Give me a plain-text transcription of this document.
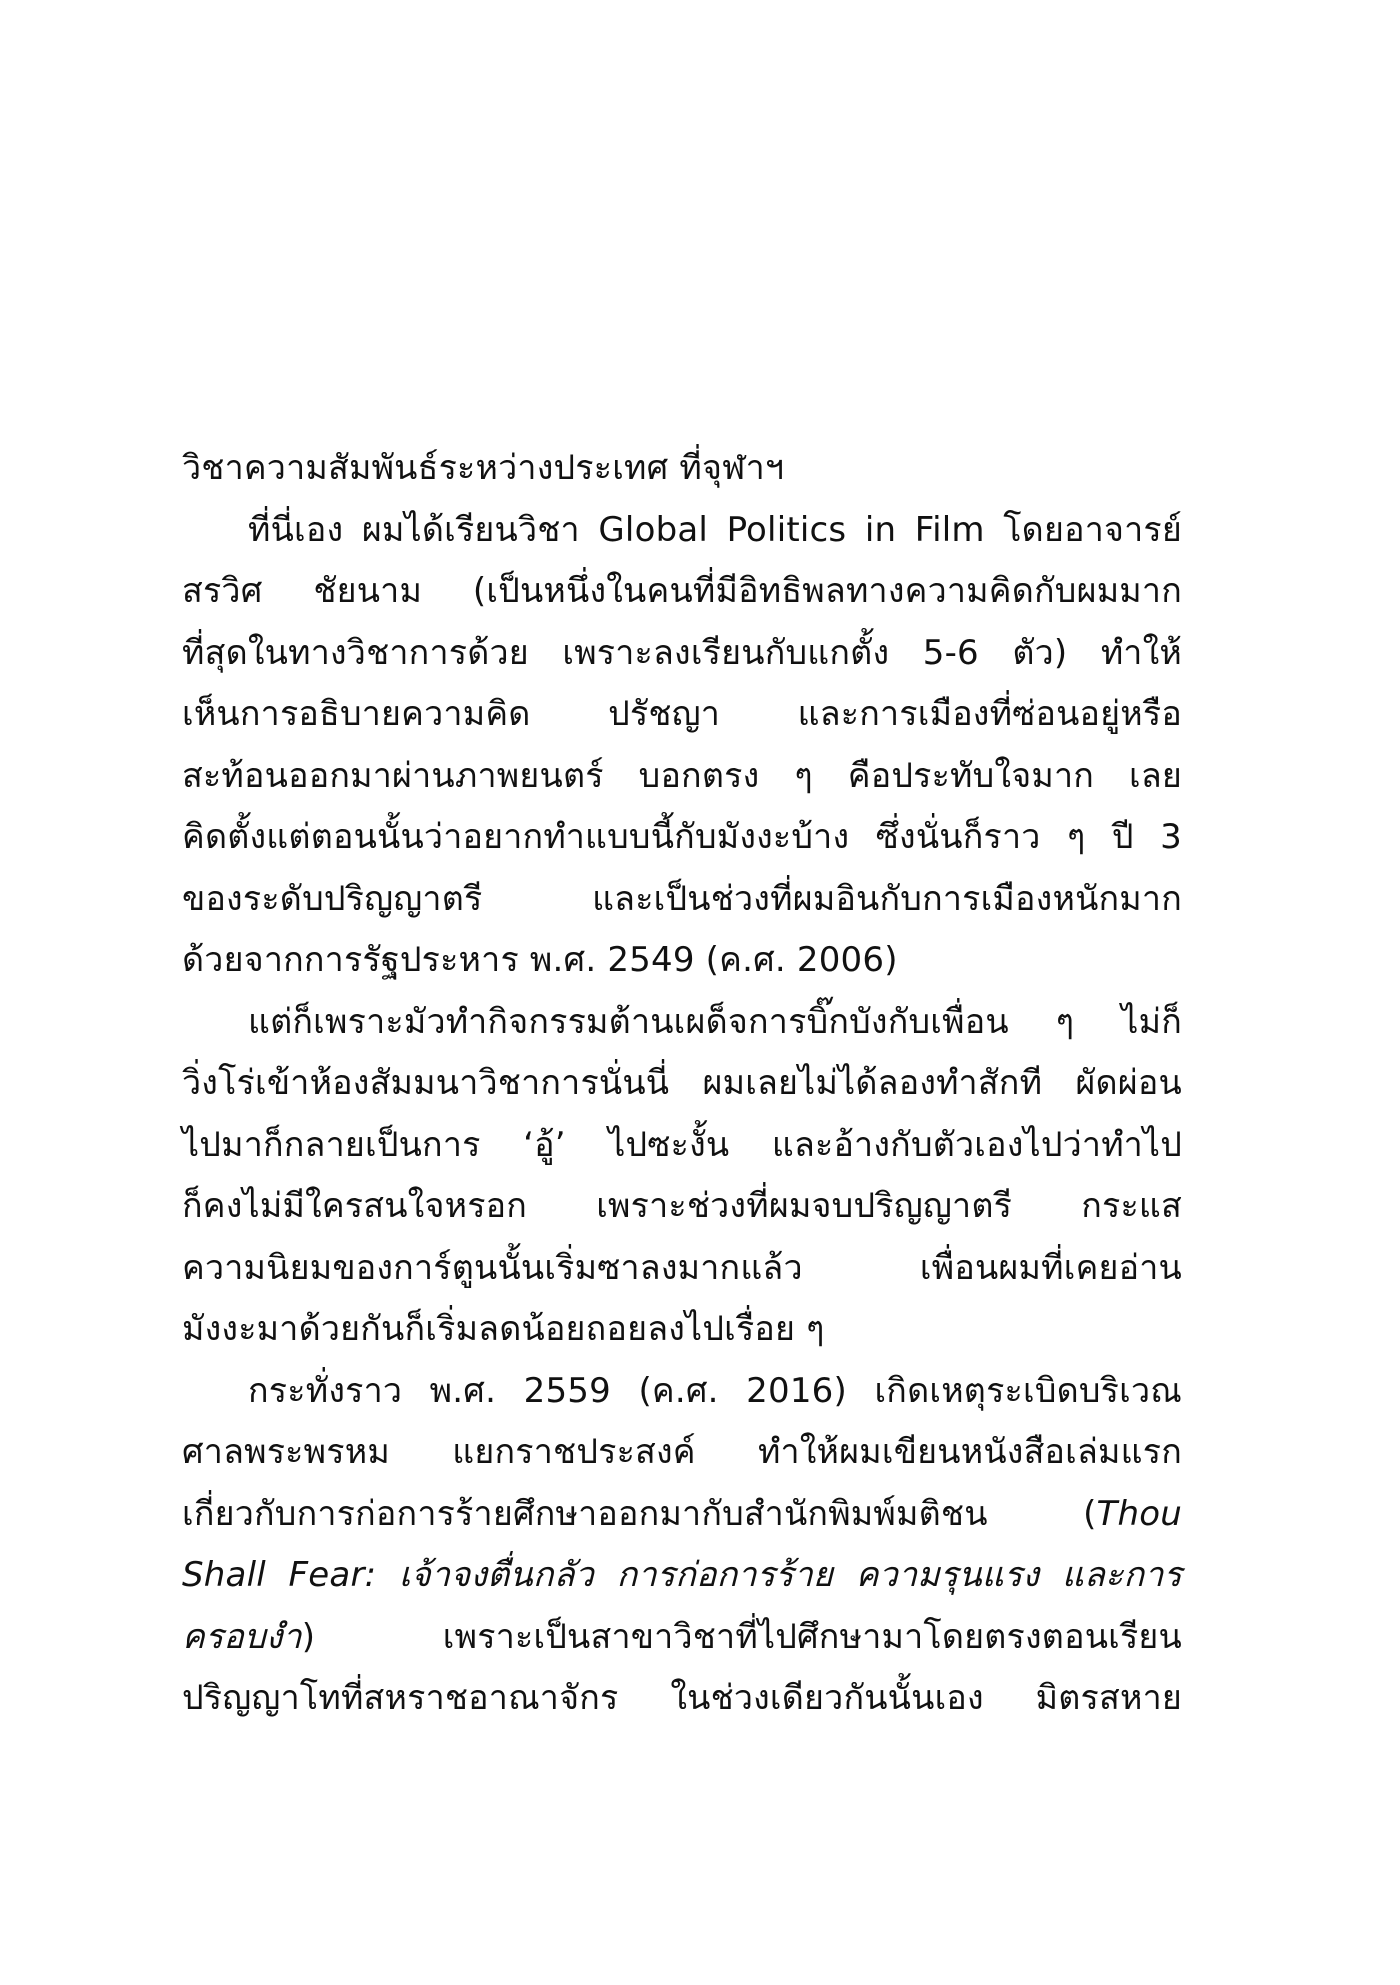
วิชาความสัมพันธ์ระหว่างประเทศ ที่จุฬาฯ
ที่นี่เอง ผมได้เรียนวิชา Global Politics in Film โดยอาจารย์
สรวิศ ชัยนาม (เป็นหนึ่งในคนที่มีอิทธิพลทางความคิดกับผมมาก
ที่สุดในทางวิชาการด้วย เพราะลงเรียนกับแกตั้ง 5-6 ตัว) ทำให้
เห็นการอธิบายความคิด ปรัชญา และการเมืองที่ซ่อนอยู่หรือ
สะท้อนออกมาผ่านภาพยนตร์ บอกตรง ๆ คือประทับใจมาก เลย
คิดตั้งแต่ตอนนั้นว่าอยากทำแบบนี้กับมังงะบ้าง ซึ่งนั่นก็ราว ๆ ปี 3
ของระดับปริญญาตรี และเป็นช่วงที่ผมอินกับการเมืองหนักมาก
ด้วยจากการรัฐประหาร พ.ศ. 2549 (ค.ศ. 2006)
แต่ก็เพราะมัวทำกิจกรรมต้านเผด็จการบิ๊กบังกับเพื่อน ๆ ไม่ก็
วิ่งโร่เข้าห้องสัมมนาวิชาการนั่นนี่ ผมเลยไม่ได้ลองทำสักที ผัดผ่อน
ไปมาก็กลายเป็นการ ‘อู้’ ไปซะงั้น และอ้างกับตัวเองไปว่าทำไป
ก็คงไม่มีใครสนใจหรอก เพราะช่วงที่ผมจบปริญญาตรี กระแส
ความนิยมของการ์ตูนนั้นเริ่มซาลงมากแล้ว เพื่อนผมที่เคยอ่าน
มังงะมาด้วยกันก็เริ่มลดน้อยถอยลงไปเรื่อย ๆ
กระทั่งราว พ.ศ. 2559 (ค.ศ. 2016) เกิดเหตุระเบิดบริเวณ
ศาลพระพรหม แยกราชประสงค์ ทำให้ผมเขียนหนังสือเล่มแรก
เกี่ยวกับการก่อการร้ายศึกษาออกมากับสำนักพิมพ์มติชน (Thou
Shall Fear: เจ้าจงตื่นกลัว การก่อการร้าย ความรุนแรง และการ
ครอบงำ) เพราะเป็นสาขาวิชาที่ไปศึกษามาโดยตรงตอนเรียน
ปริญญาโทที่สหราชอาณาจักร ในช่วงเดียวกันนั้นเอง มิตรสหาย
